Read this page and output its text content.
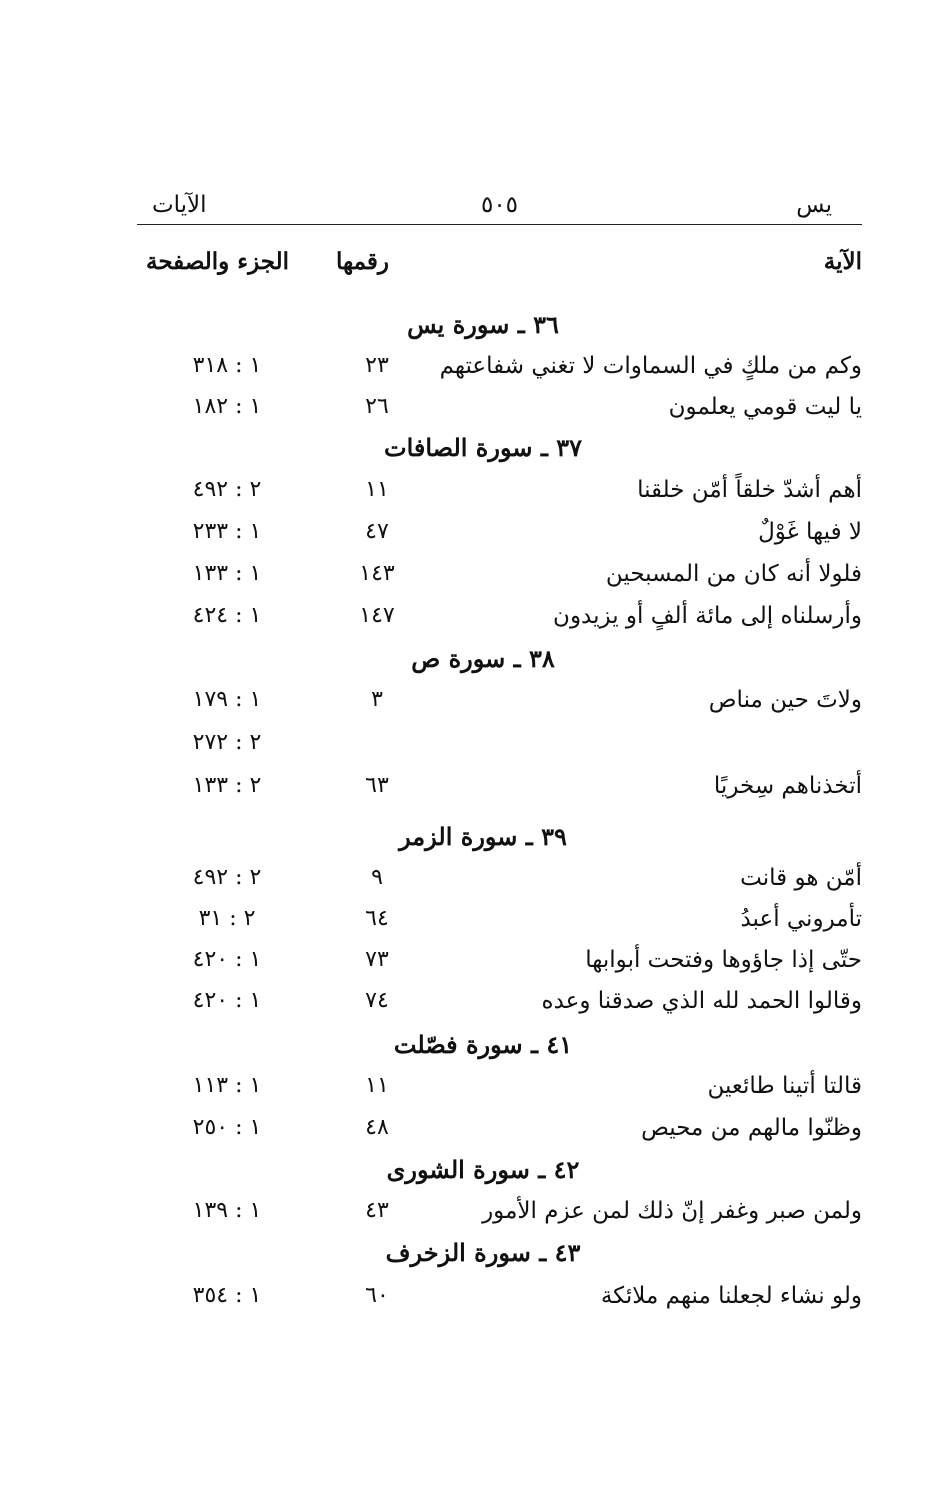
يس
٥٠٥
الآيات
الآية
رقمها
الجزء والصفحة
٣٦ ـ سورة يس
وكم من ملكٍ في السماوات لا تغني شفاعتهم
٢٣
١ : ٣١٨
يا ليت قومي يعلمون
٢٦
١ : ١٨٢
٣٧ ـ سورة الصافات
أهم أشدّ خلقاً أمّن خلقنا
١١
٢ : ٤٩٢
لا فيها غَوْلٌ
٤٧
١ : ٢٣٣
فلولا أنه كان من المسبحين
١٤٣
١ : ١٣٣
وأرسلناه إلى مائة ألفٍ أو يزيدون
١٤٧
١ : ٤٢٤
٣٨ ـ سورة ص
ولاتَ حين مناص
٣
١ : ١٧٩
٢ : ٢٧٢
أتخذناهم سِخريًا
٦٣
٢ : ١٣٣
٣٩ ـ سورة الزمر
أمّن هو قانت
٩
٢ : ٤٩٢
تأمروني أعبدُ
٦٤
٢ : ٣١
حتّى إذا جاؤوها وفتحت أبوابها
٧٣
١ : ٤٢٠
وقالوا الحمد لله الذي صدقنا وعده
٧٤
١ : ٤٢٠
٤١ ـ سورة فصّلت
قالتا أتينا طائعين
١١
١ : ١١٣
وظنّوا مالهم من محيص
٤٨
١ : ٢٥٠
٤٢ ـ سورة الشورى
ولمن صبر وغفر إنّ ذلك لمن عزم الأمور
٤٣
١ : ١٣٩
٤٣ ـ سورة الزخرف
ولو نشاء لجعلنا منهم ملائكة
٦٠
١ : ٣٥٤
